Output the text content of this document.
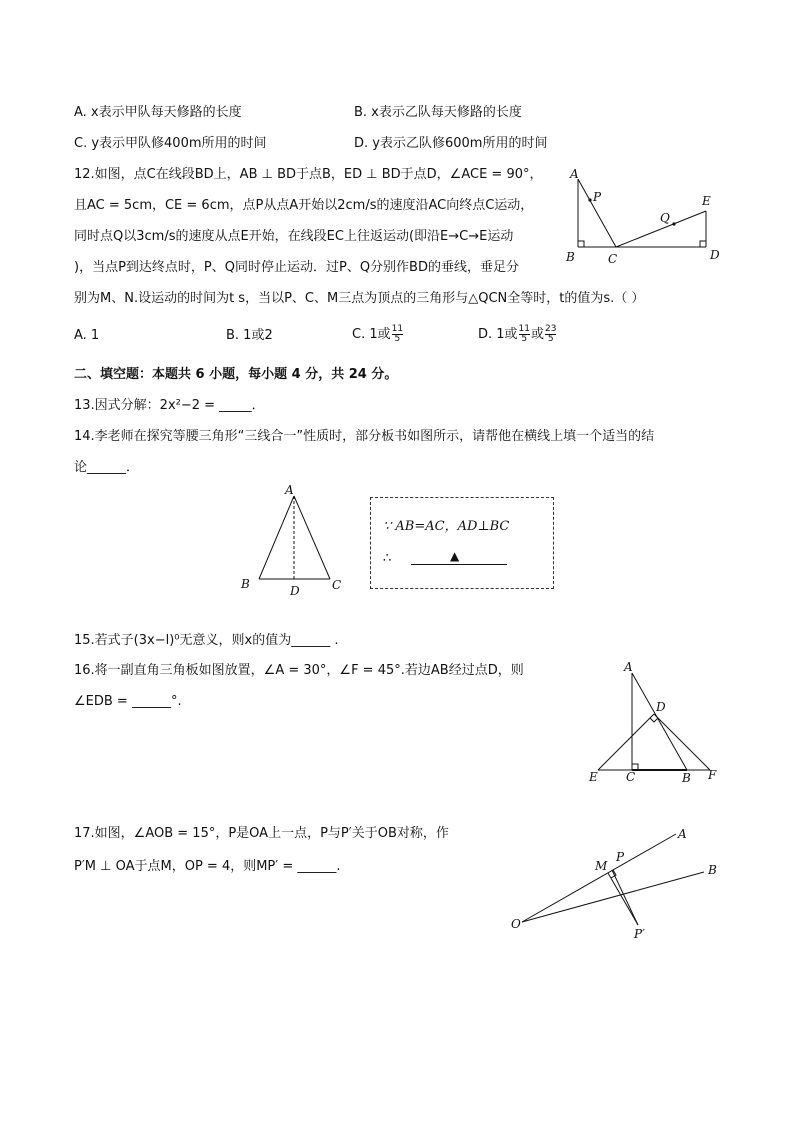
A. x表示甲队每天修路的长度	B. x表示乙队每天修路的长度
C. y表示甲队修400m所用的时间	D. y表示乙队修600m所用的时间
12.如图，点C在线段BD上，AB ⊥ BD于点B，ED ⊥ BD于点D，∠ACE = 90°，
且AC = 5cm，CE = 6cm，点P从点A开始以2cm/s的速度沿AC向终点C运动，
同时点Q以3cm/s的速度从点E开始，在线段EC上往返运动(即沿E→C→E运动
)，当点P到达终点时，P、Q同时停止运动．过P、Q分别作BD的垂线，垂足分
别为M、N.设运动的时间为t s，当以P、C、M三点为顶点的三角形与△QCN全等时，t的值为s.（ ）
A. 1	B. 1或2	C. 1或 $\frac{11}{5}$	D. 1或 $\frac{11}{5}$ 或 $\frac{23}{5}$
A
P
Q
E
B	C	D
二、填空题：本题共 6 小题，每小题 4 分，共 24 分。
13.因式分解：2x²−2 = _____．
14.李老师在探究等腰三角形“三线合一”性质时，部分板书如图所示，请帮他在横线上填一个适当的结
论______．
A
B	C
D
∵ AB=AC，AD⊥BC
∴	▲
15.若式子(3x−l)⁰无意义，则x的值为______ .
16.将一副直角三角板如图放置，∠A = 30°，∠F = 45°.若边AB经过点D，则
∠EDB = ______°.
A
D
E C	B F
17.如图，∠AOB = 15°，P是OA上一点，P与P′关于OB对称，作
P′M ⊥ OA于点M，OP = 4，则MP′ = ______.
O
A
B
M
P
P′
